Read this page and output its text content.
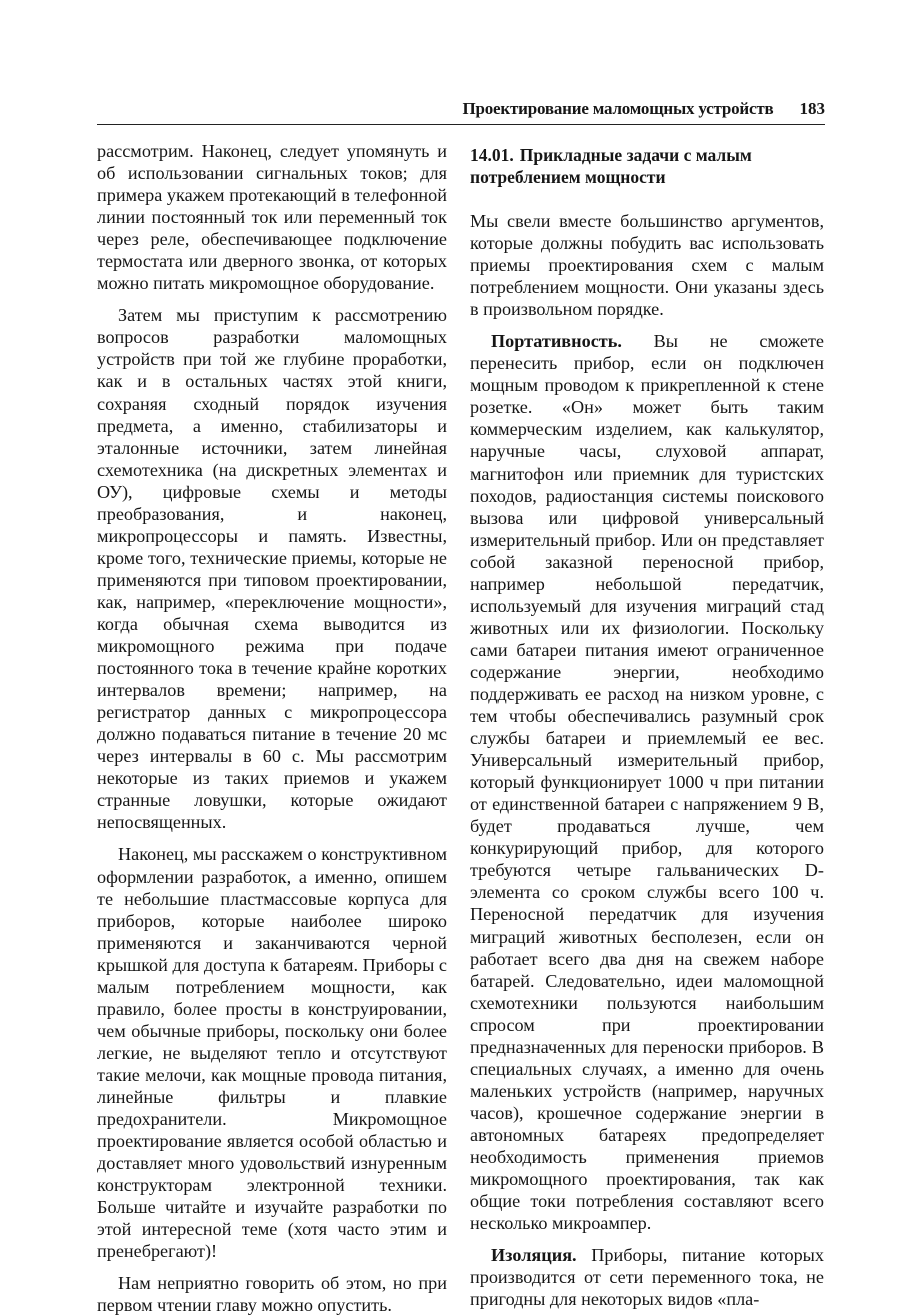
Проектирование маломощных устройств 183

рассмотрим. Наконец, следует упомянуть и об использовании сигнальных токов; для примера укажем протекающий в телефонной линии постоянный ток или переменный ток через реле, обеспечивающее подключение термостата или дверного звонка, от которых можно питать микромощное оборудование.

Затем мы приступим к рассмотрению вопросов разработки маломощных устройств при той же глубине проработки, как и в остальных частях этой книги, сохраняя сходный порядок изучения предмета, а именно, стабилизаторы и эталонные источники, затем линейная схемотехника (на дискретных элементах и ОУ), цифровые схемы и методы преобразования, и наконец, микропроцессоры и память. Известны, кроме того, технические приемы, которые не применяются при типовом проектировании, как, например, «переключение мощности», когда обычная схема выводится из микромощного режима при подаче постоянного тока в течение крайне коротких интервалов времени; например, на регистратор данных с микропроцессора должно подаваться питание в течение 20 мс через интервалы в 60 с. Мы рассмотрим некоторые из таких приемов и укажем странные ловушки, которые ожидают непосвященных.

Наконец, мы расскажем о конструктивном оформлении разработок, а именно, опишем те небольшие пластмассовые корпуса для приборов, которые наиболее широко применяются и заканчиваются черной крышкой для доступа к батареям. Приборы с малым потреблением мощности, как правило, более просты в конструировании, чем обычные приборы, поскольку они более легкие, не выделяют тепло и отсутствуют такие мелочи, как мощные провода питания, линейные фильтры и плавкие предохранители. Микромощное проектирование является особой областью и доставляет много удовольствий изнуренным конструкторам электронной техники. Больше читайте и изучайте разработки по этой интересной теме (хотя часто этим и пренебрегают)!

Нам неприятно говорить об этом, но при первом чтении главу можно опустить.

14.01. Прикладные задачи с малым потреблением мощности

Мы свели вместе большинство аргументов, которые должны побудить вас использовать приемы проектирования схем с малым потреблением мощности. Они указаны здесь в произвольном порядке.

Портативность. Вы не сможете перенесить прибор, если он подключен мощным проводом к прикрепленной к стене розетке. «Он» может быть таким коммерческим изделием, как калькулятор, наручные часы, слуховой аппарат, магнитофон или приемник для туристских походов, радиостанция системы поискового вызова или цифровой универсальный измерительный прибор. Или он представляет собой заказной переносной прибор, например небольшой передатчик, используемый для изучения миграций стад животных или их физиологии. Поскольку сами батареи питания имеют ограниченное содержание энергии, необходимо поддерживать ее расход на низком уровне, с тем чтобы обеспечивались разумный срок службы батареи и приемлемый ее вес. Универсальный измерительный прибор, который функционирует 1000 ч при питании от единственной батареи с напряжением 9 В, будет продаваться лучше, чем конкурирующий прибор, для которого требуются четыре гальванических D-элемента со сроком службы всего 100 ч. Переносной передатчик для изучения миграций животных бесполезен, если он работает всего два дня на свежем наборе батарей. Следовательно, идеи маломощной схемотехники пользуются наибольшим спросом при проектировании предназначенных для переноски приборов. В специальных случаях, а именно для очень маленьких устройств (например, наручных часов), крошечное содержание энергии в автономных батареях предопределяет необходимость применения приемов микромощного проектирования, так как общие токи потребления составляют всего несколько микроампер.

Изоляция. Приборы, питание которых производится от сети переменного тока, не пригодны для некоторых видов «пла-
